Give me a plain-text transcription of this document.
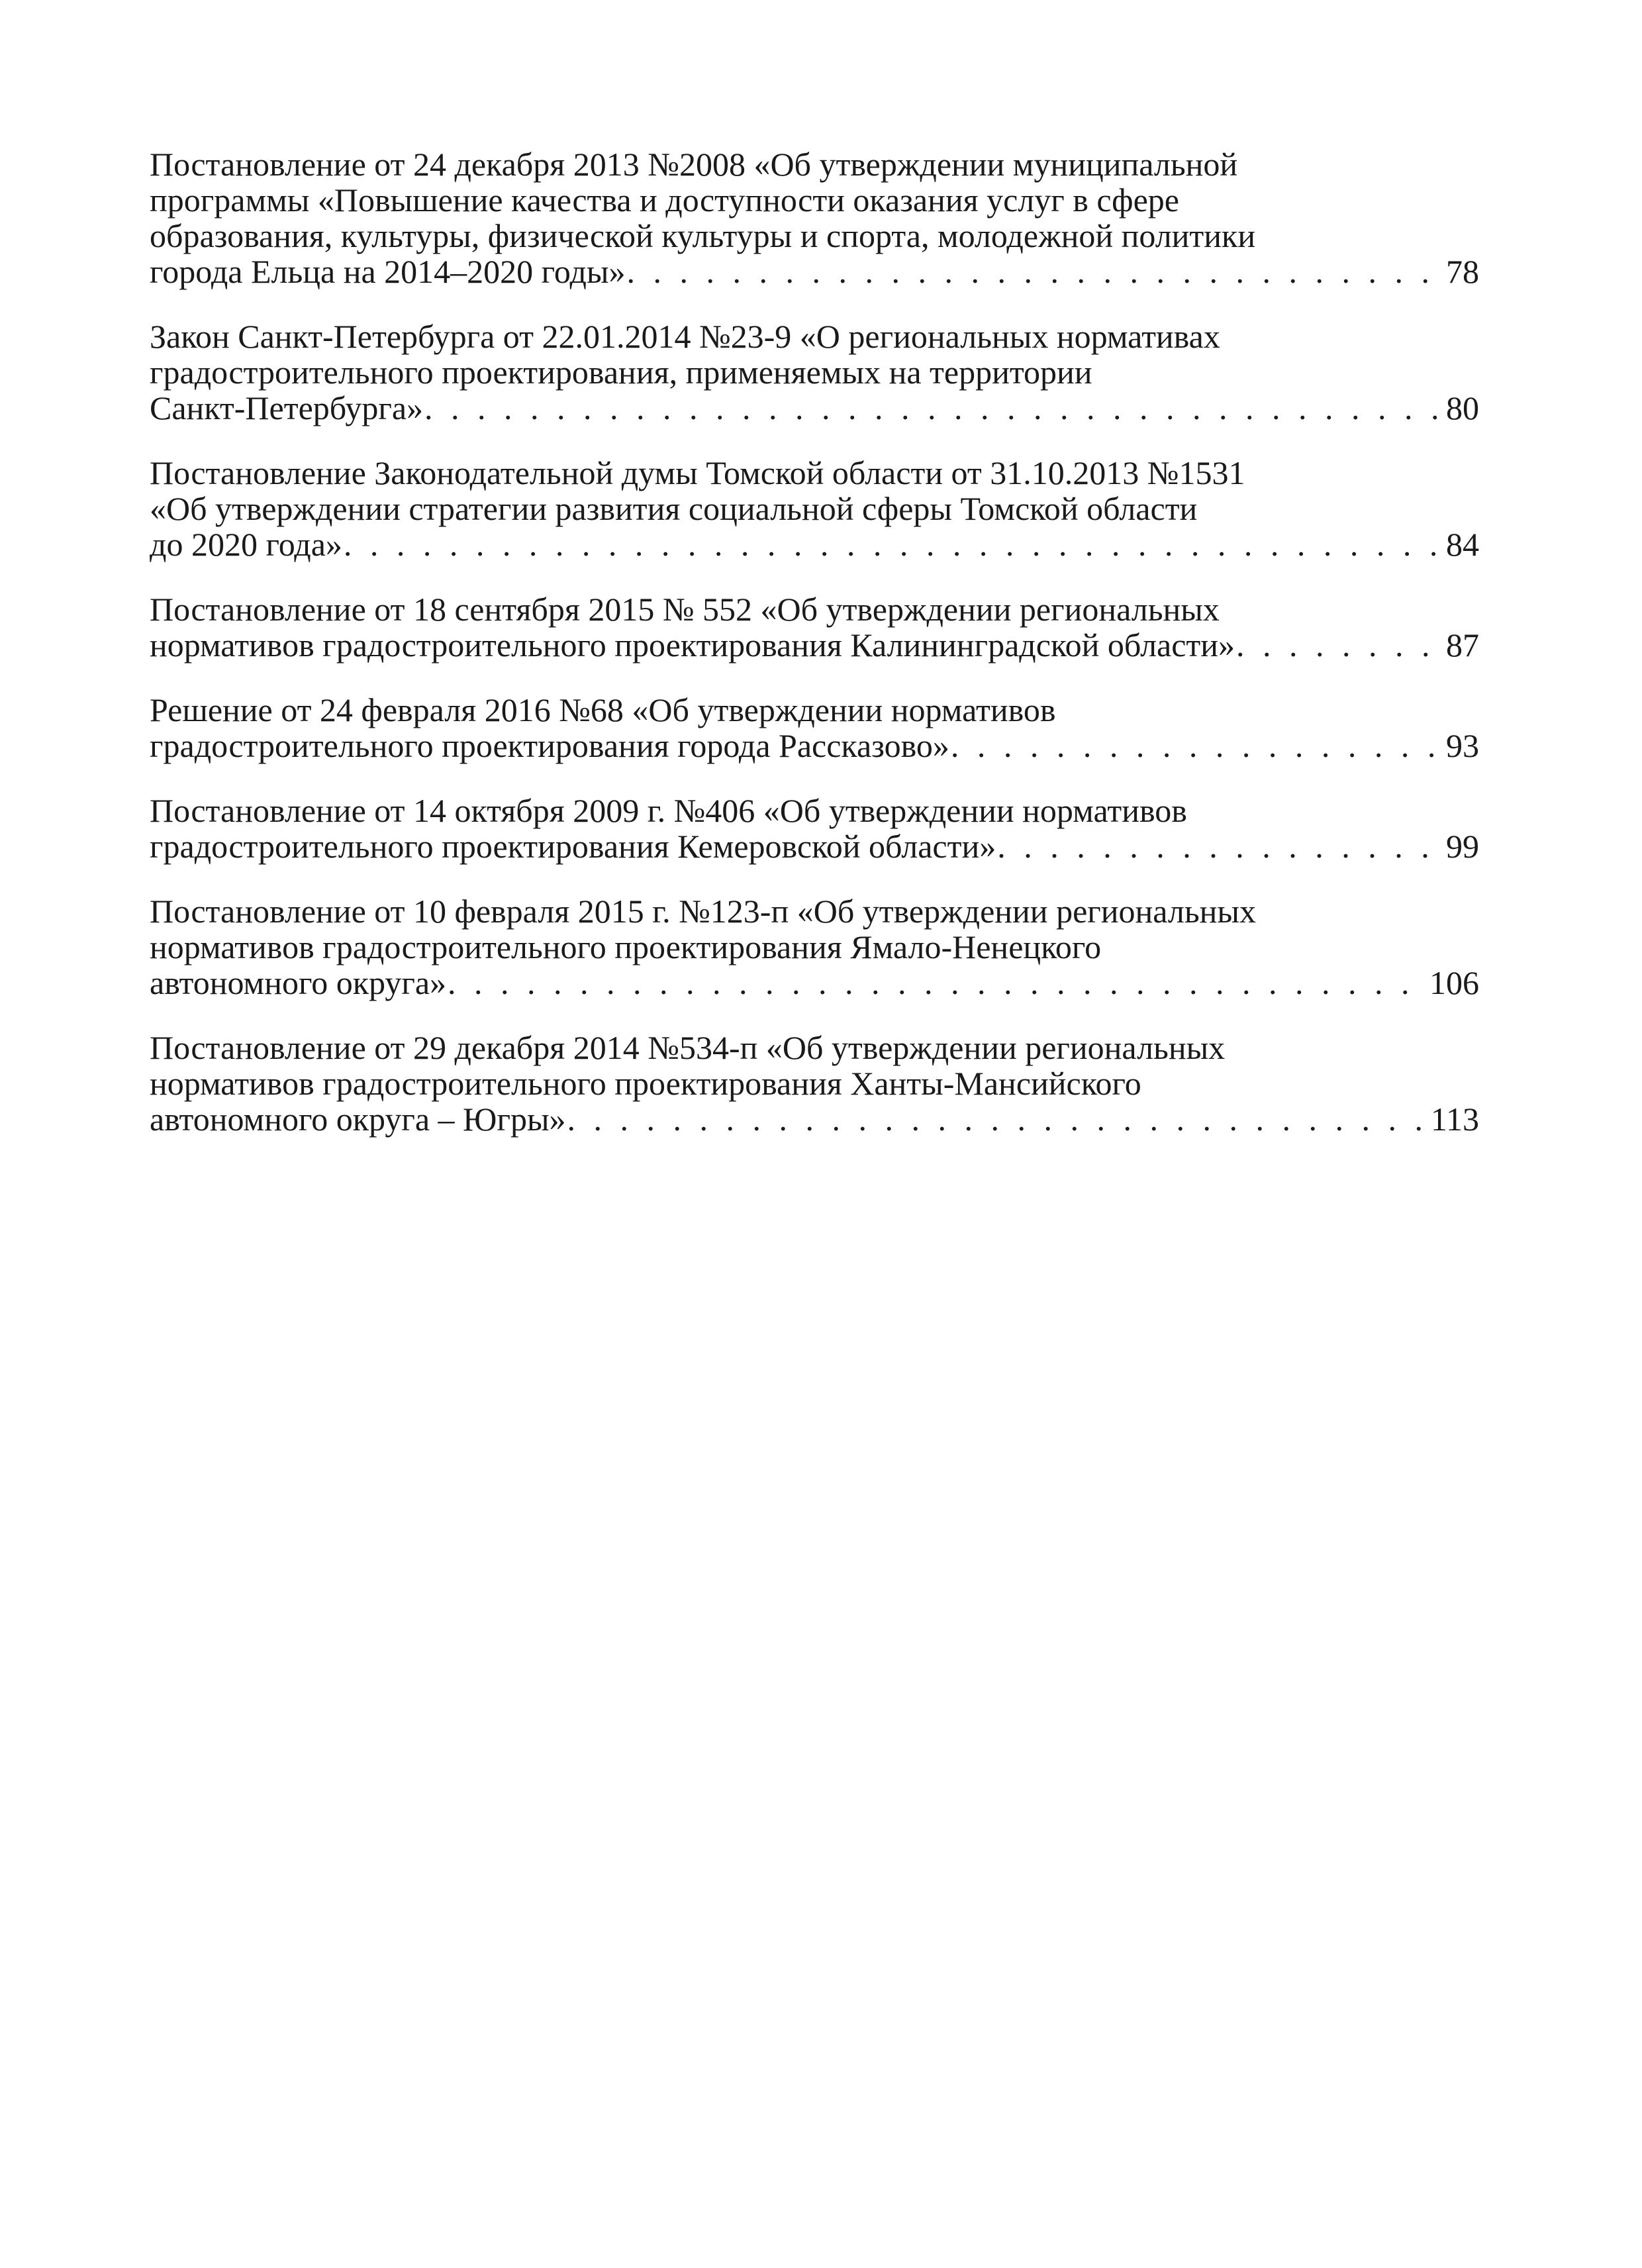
Постановление от 24 декабря 2013 №2008 «Об утверждении муниципальной
программы «Повышение качества и доступности оказания услуг в сфере
образования, культуры, физической культуры и спорта, молодежной политики
города Ельца на 2014–2020 годы» . . .	78
Закон Санкт-Петербурга от 22.01.2014 №23-9 «О региональных нормативах
градостроительного проектирования, применяемых на территории
Санкт-Петербурга» . . .	80
Постановление Законодательной думы Томской области от 31.10.2013 №1531
«Об утверждении стратегии развития социальной сферы Томской области
до 2020 года» . . .	84
Постановление от 18 сентября 2015 № 552 «Об утверждении региональных
нормативов градостроительного проектирования Калининградской области» . . .	87
Решение от 24 февраля 2016 №68 «Об утверждении нормативов
градостроительного проектирования города Рассказово» . . .	93
Постановление от 14 октября 2009 г. №406 «Об утверждении нормативов
градостроительного проектирования Кемеровской области» . . .	99
Постановление от 10 февраля 2015 г. №123-п «Об утверждении региональных
нормативов градостроительного проектирования Ямало-Ненецкого
автономного округа» . . .	106
Постановление от 29 декабря 2014 №534-п «Об утверждении региональных
нормативов градостроительного проектирования Ханты-Мансийского
автономного округа – Югры» . . .	113
